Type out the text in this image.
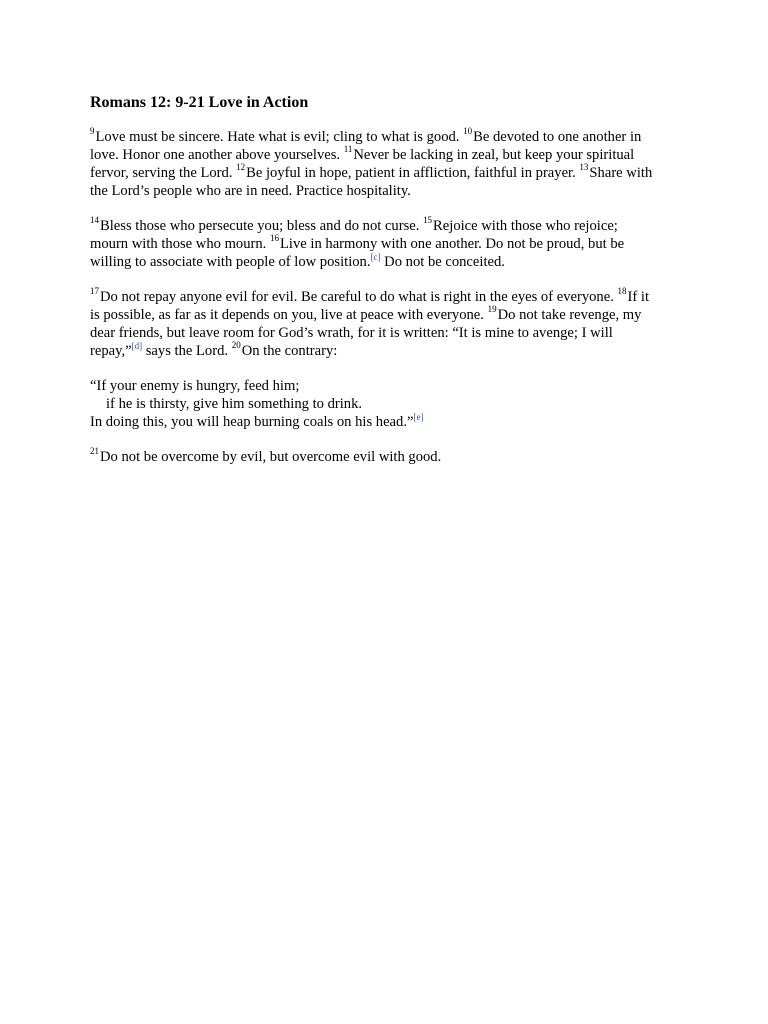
Romans 12: 9-21 Love in Action
$^9$Love must be sincere. Hate what is evil; cling to what is good. $^{10}$Be devoted to one another in
love. Honor one another above yourselves. $^{11}$Never be lacking in zeal, but keep your spiritual
fervor, serving the Lord. $^{12}$Be joyful in hope, patient in affliction, faithful in prayer. $^{13}$Share with
the Lord’s people who are in need. Practice hospitality.
$^{14}$Bless those who persecute you; bless and do not curse. $^{15}$Rejoice with those who rejoice;
mourn with those who mourn. $^{16}$Live in harmony with one another. Do not be proud, but be
willing to associate with people of low position.[c] Do not be conceited.
$^{17}$Do not repay anyone evil for evil. Be careful to do what is right in the eyes of everyone. $^{18}$If it
is possible, as far as it depends on you, live at peace with everyone. $^{19}$Do not take revenge, my
dear friends, but leave room for God’s wrath, for it is written: “It is mine to avenge; I will
repay,”[d] says the Lord. $^{20}$On the contrary:
“If your enemy is hungry, feed him;
if he is thirsty, give him something to drink.
In doing this, you will heap burning coals on his head.”[e]
$^{21}$Do not be overcome by evil, but overcome evil with good.
